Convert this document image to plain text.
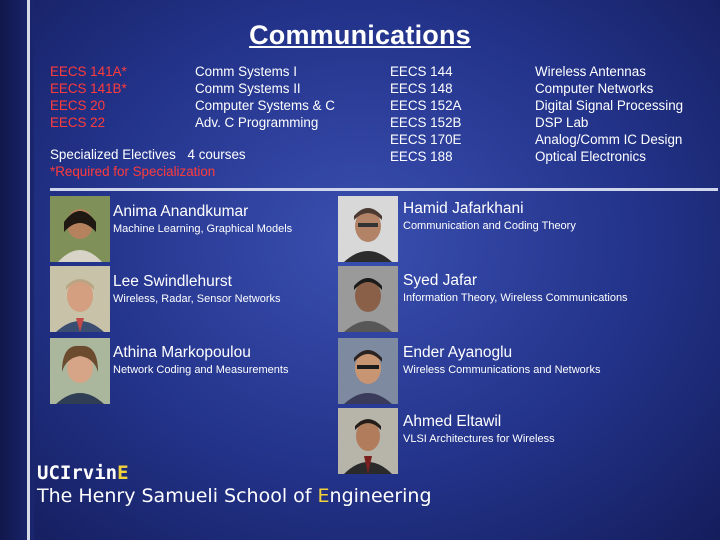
Communications
EECS 141A*
EECS 141B*
EECS 20
EECS 22
Comm Systems I
Comm Systems II
Computer Systems & C
Adv. C Programming
EECS 144
EECS 148
EECS 152A
EECS 152B
EECS 170E
EECS 188
Wireless Antennas
Computer Networks
Digital Signal Processing
DSP Lab
Analog/Comm IC Design
Optical Electronics
Specialized Electives 4 courses
*Required for Specialization
Anima Anandkumar
Machine Learning, Graphical Models
Hamid Jafarkhani
Communication and Coding Theory
Lee Swindlehurst
Wireless, Radar, Sensor Networks
Syed Jafar
Information Theory, Wireless Communications
Athina Markopoulou
Network Coding and Measurements
Ender Ayanoglu
Wireless Communications and Networks
Ahmed Eltawil
VLSI Architectures for Wireless
UCIrvinE
The Henry Samueli School of Engineering
